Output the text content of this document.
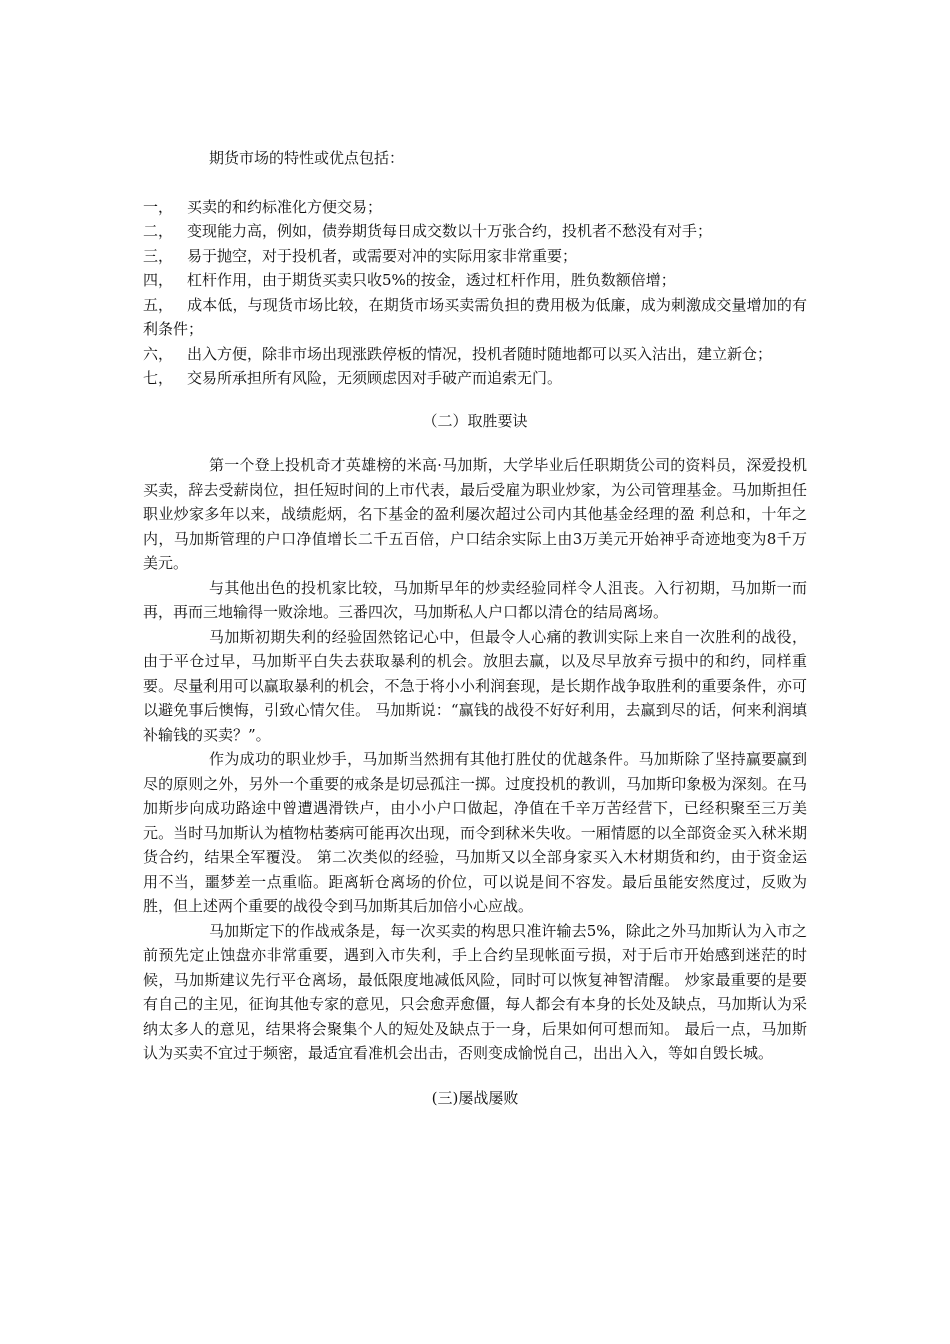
期货市场的特性或优点包括：

一， 买卖的和约标准化方便交易；

二， 变现能力高，例如，债券期货每日成交数以十万张合约，投机者不愁没有对手；

三， 易于抛空，对于投机者，或需要对冲的实际用家非常重要；

四， 杠杆作用，由于期货买卖只收5%的按金，透过杠杆作用，胜负数额倍增；

五， 成本低，与现货市场比较，在期货市场买卖需负担的费用极为低廉，成为刺激成交量增加的有利条件；

六， 出入方便，除非市场出现涨跌停板的情况，投机者随时随地都可以买入沽出，建立新仓；

七， 交易所承担所有风险，无须顾虑因对手破产而追索无门。

（二）取胜要诀

第一个登上投机奇才英雄榜的米高·马加斯，大学毕业后任职期货公司的资料员，深爱投机买卖，辞去受薪岗位，担任短时间的上市代表，最后受雇为职业炒家，为公司管理基金。马加斯担任职业炒家多年以来，战绩彪炳，名下基金的盈利屡次超过公司内其他基金经理的盈 利总和，十年之内，马加斯管理的户口净值增长二千五百倍，户口结余实际上由3万美元开始神乎奇迹地变为8千万美元。

与其他出色的投机家比较，马加斯早年的炒卖经验同样令人沮丧。入行初期，马加斯一而再，再而三地输得一败涂地。三番四次，马加斯私人户口都以清仓的结局离场。

马加斯初期失利的经验固然铭记心中，但最令人心痛的教训实际上来自一次胜利的战役，由于平仓过早，马加斯平白失去获取暴利的机会。放胆去赢，以及尽早放弃亏损中的和约，同样重要。尽量利用可以赢取暴利的机会，不急于将小小利润套现，是长期作战争取胜利的重要条件，亦可以避免事后懊悔，引致心情欠佳。 马加斯说：“赢钱的战役不好好利用，去赢到尽的话，何来利润填补输钱的买卖？”。

作为成功的职业炒手，马加斯当然拥有其他打胜仗的优越条件。马加斯除了坚持赢要赢到尽的原则之外，另外一个重要的戒条是切忌孤注一掷。过度投机的教训，马加斯印象极为深刻。在马加斯步向成功路途中曾遭遇滑铁卢，由小小户口做起，净值在千辛万苦经营下，已经积聚至三万美元。当时马加斯认为植物枯萎病可能再次出现，而令到秫米失收。一厢情愿的以全部资金买入秫米期货合约，结果全军覆没。 第二次类似的经验，马加斯又以全部身家买入木材期货和约，由于资金运用不当，噩梦差一点重临。距离斩仓离场的价位，可以说是间不容发。最后虽能安然度过，反败为胜，但上述两个重要的战役令到马加斯其后加倍小心应战。

马加斯定下的作战戒条是，每一次买卖的构思只准许输去5%，除此之外马加斯认为入市之前预先定止蚀盘亦非常重要，遇到入市失利，手上合约呈现帐面亏损，对于后市开始感到迷茫的时候，马加斯建议先行平仓离场，最低限度地减低风险，同时可以恢复神智清醒。 炒家最重要的是要有自己的主见，征询其他专家的意见，只会愈弄愈僵，每人都会有本身的长处及缺点，马加斯认为采纳太多人的意见，结果将会聚集个人的短处及缺点于一身，后果如何可想而知。 最后一点，马加斯认为买卖不宜过于频密，最适宜看准机会出击，否则变成愉悦自己，出出入入，等如自毁长城。

(三)屡战屡败
